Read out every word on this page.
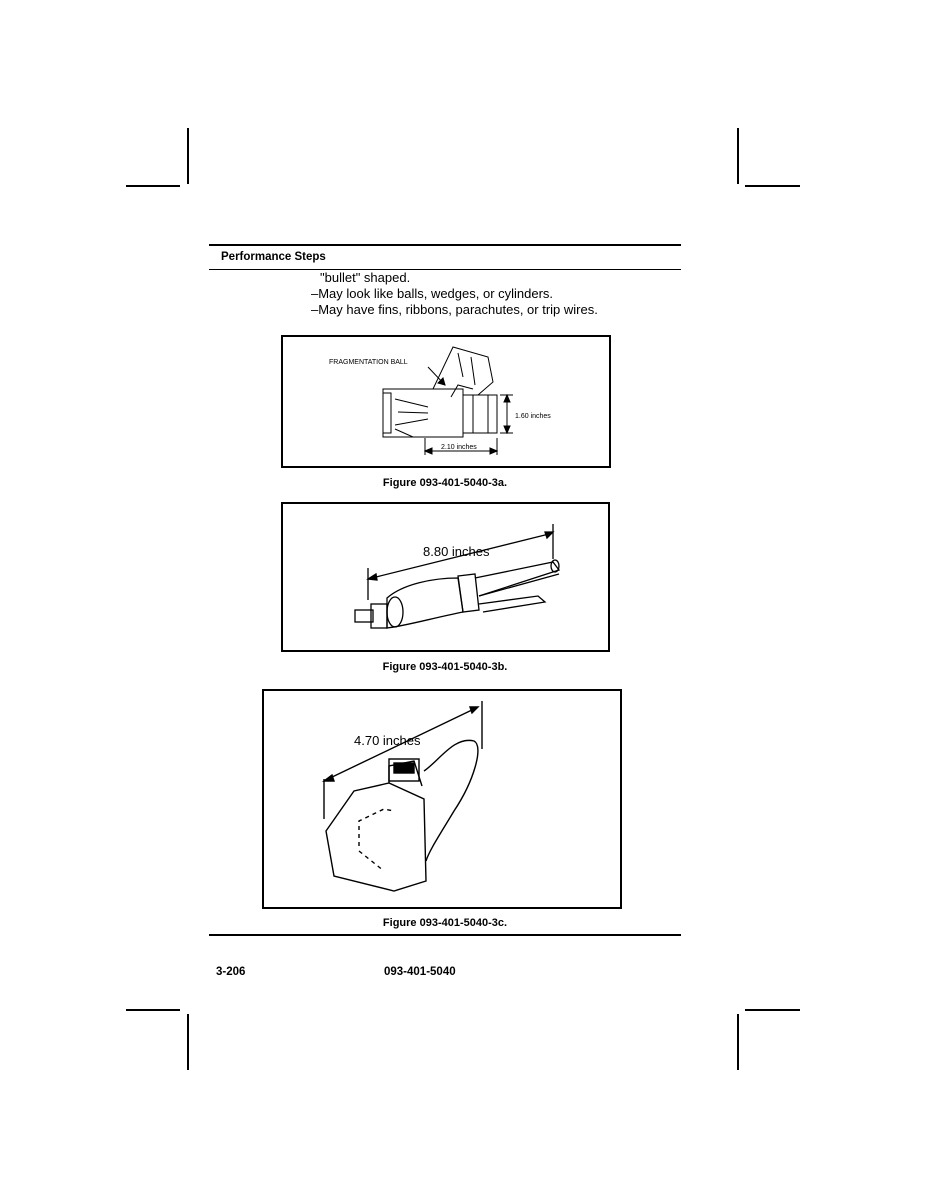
Performance Steps
"bullet" shaped.
–May look like balls, wedges, or cylinders.
–May have fins, ribbons, parachutes, or trip wires.
FRAGMENTATION BALL
1.60 inches
2.10 inches
Figure 093-401-5040-3a.
8.80 inches
Figure 093-401-5040-3b.
4.70 inches
Figure 093-401-5040-3c.
3-206	093-401-5040
